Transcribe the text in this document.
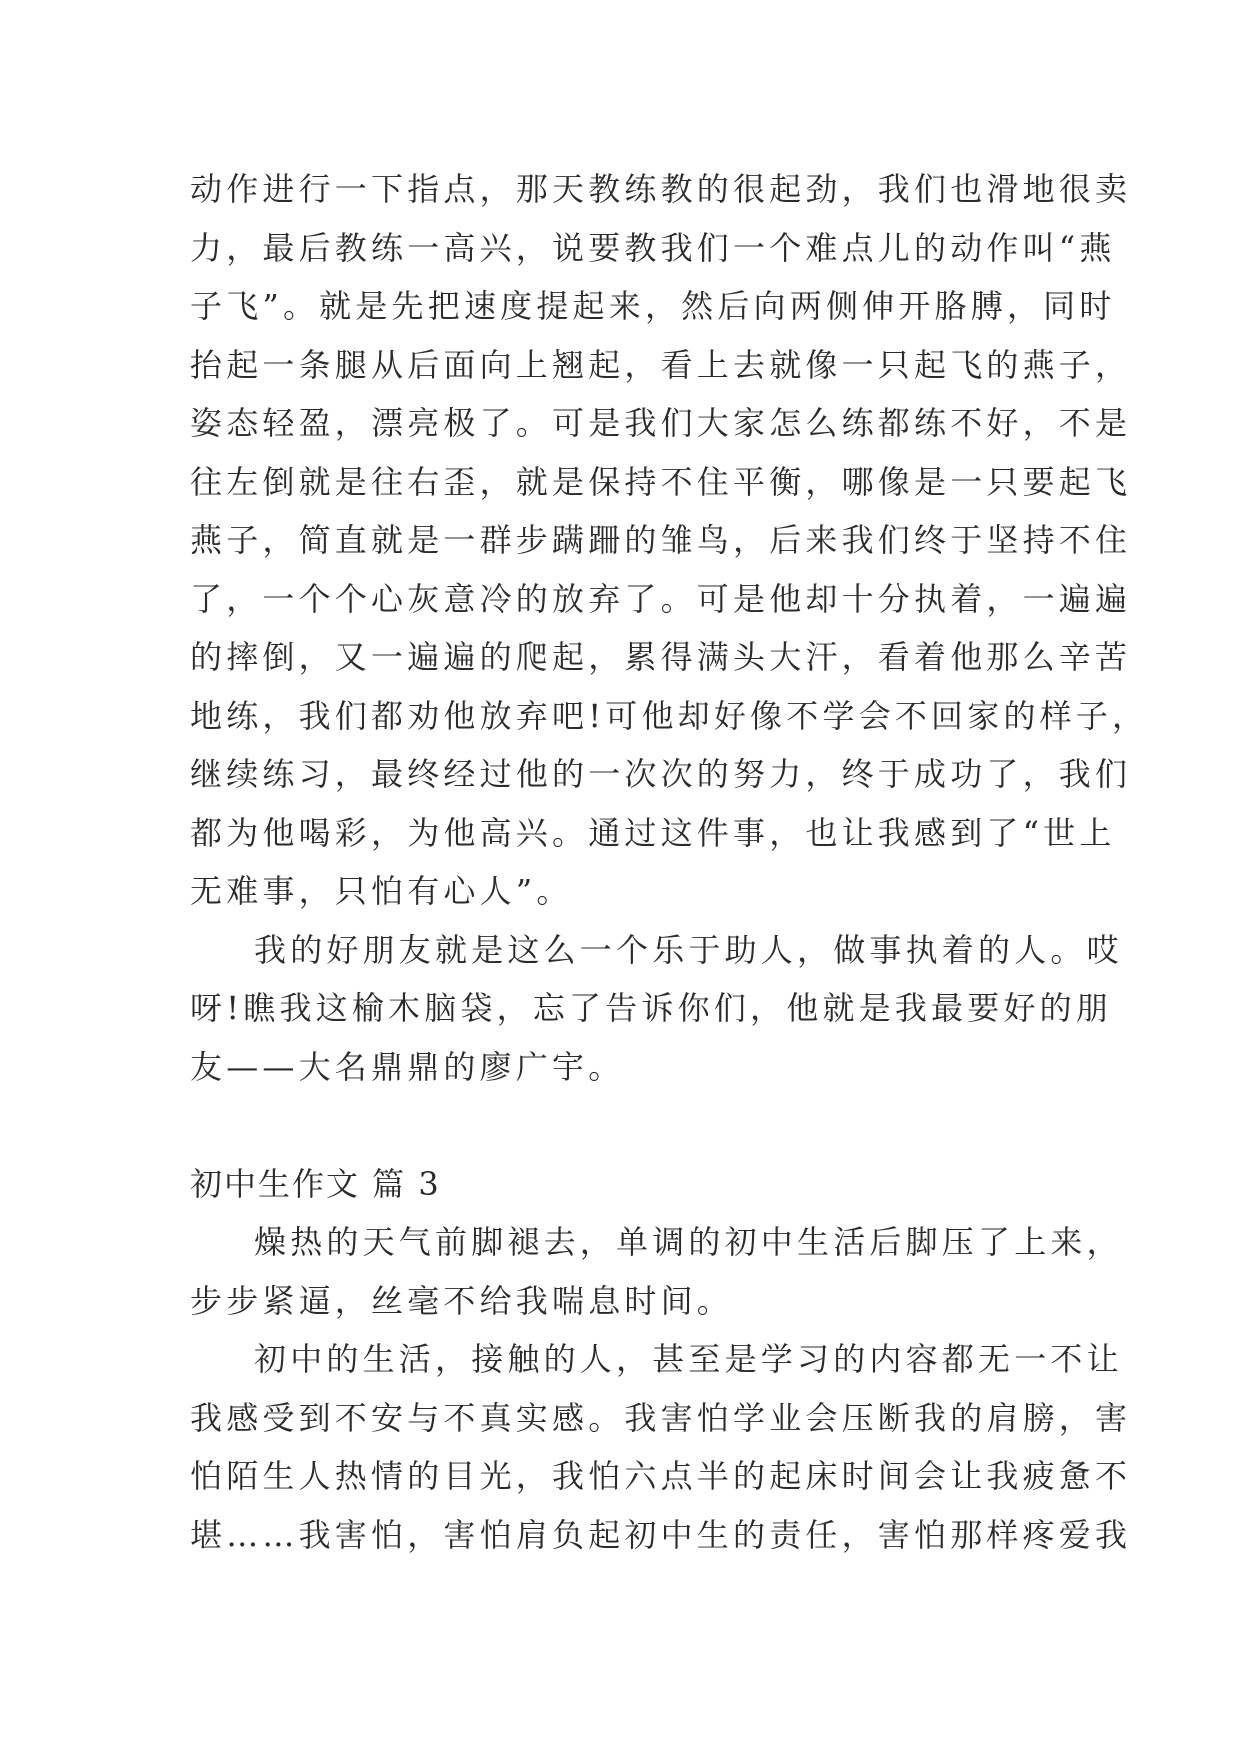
动作进行一下指点，那天教练教的很起劲，我们也滑地很卖
力，最后教练一高兴，说要教我们一个难点儿的动作叫“燕
子飞”。就是先把速度提起来，然后向两侧伸开胳膊，同时
抬起一条腿从后面向上翘起，看上去就像一只起飞的燕子，
姿态轻盈，漂亮极了。可是我们大家怎么练都练不好，不是
往左倒就是往右歪，就是保持不住平衡，哪像是一只要起飞
燕子，简直就是一群步蹒跚的雏鸟，后来我们终于坚持不住
了，一个个心灰意冷的放弃了。可是他却十分执着，一遍遍
的摔倒，又一遍遍的爬起，累得满头大汗，看着他那么辛苦
地练，我们都劝他放弃吧!可他却好像不学会不回家的样子，
继续练习，最终经过他的一次次的努力，终于成功了，我们
都为他喝彩，为他高兴。通过这件事，也让我感到了“世上
无难事，只怕有心人”。
我的好朋友就是这么一个乐于助人，做事执着的人。哎
呀!瞧我这榆木脑袋，忘了告诉你们，他就是我最要好的朋
友——大名鼎鼎的廖广宇。
初中生作文 篇 3
燥热的天气前脚褪去，单调的初中生活后脚压了上来，
步步紧逼，丝毫不给我喘息时间。
初中的生活，接触的人，甚至是学习的内容都无一不让
我感受到不安与不真实感。我害怕学业会压断我的肩膀，害
怕陌生人热情的目光，我怕六点半的起床时间会让我疲惫不
堪……我害怕，害怕肩负起初中生的责任，害怕那样疼爱我
